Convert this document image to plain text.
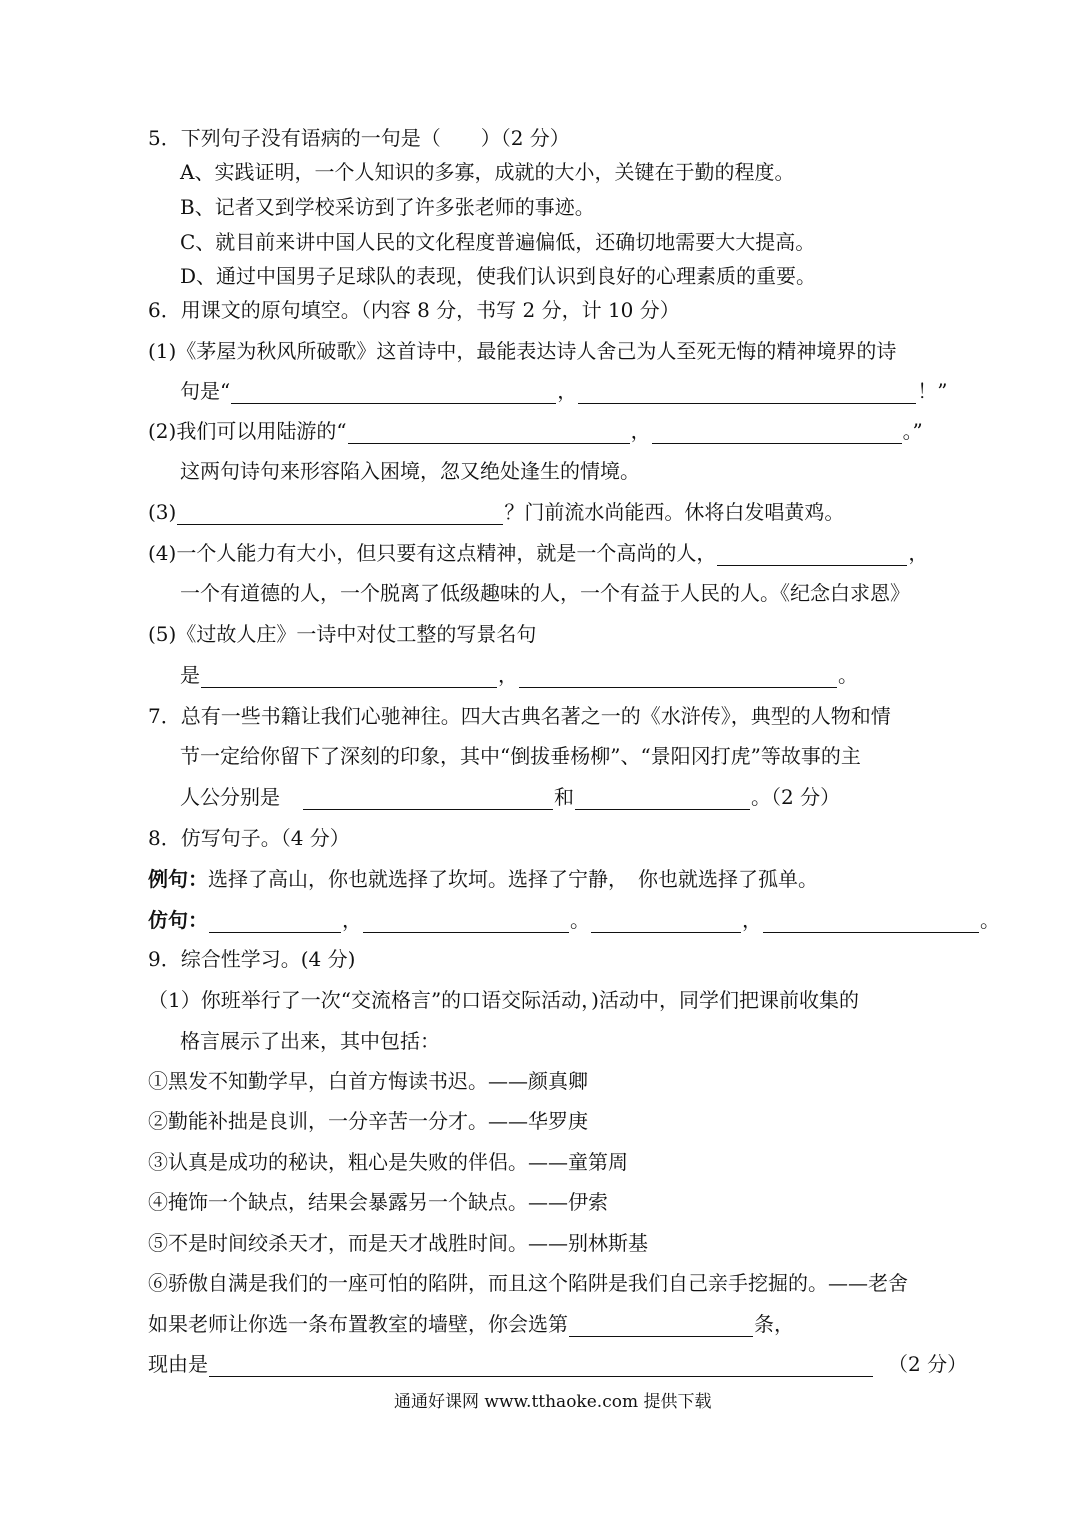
5．下列句子没有语病的一句是（　　）（2 分）
A、实践证明，一个人知识的多寡，成就的大小，关键在于勤的程度。
B、记者又到学校采访到了许多张老师的事迹。
C、就目前来讲中国人民的文化程度普遍偏低，还确切地需要大大提高。
D、通过中国男子足球队的表现，使我们认识到良好的心理素质的重要。
6．用课文的原句填空。（内容 8 分，书写 2 分，计 10 分）
(1)《茅屋为秋风所破歌》这首诗中，最能表达诗人舍己为人至死无悔的精神境界的诗
句是“	，	！”
(2)我们可以用陆游的“	，	。”
这两句诗句来形容陷入困境，忽又绝处逢生的情境。
(3)	？门前流水尚能西。休将白发唱黄鸡。
(4)一个人能力有大小，但只要有这点精神，就是一个高尚的人，	，
一个有道德的人，一个脱离了低级趣味的人，一个有益于人民的人。《纪念白求恩》
(5)《过故人庄》一诗中对仗工整的写景名句
是	，	。
7．总有一些书籍让我们心驰神往。四大古典名著之一的《水浒传》，典型的人物和情
节一定给你留下了深刻的印象，其中“倒拔垂杨柳”、“景阳冈打虎”等故事的主
人公分别是	和	。（2 分）
8．仿写句子。（4 分）
例句：选择了高山，你也就选择了坎坷。选择了宁静，　你也就选择了孤单。
仿句：	，	。	，	。
9．综合性学习。(4 分)
（1）你班举行了一次“交流格言”的口语交际活动，)活动中，同学们把课前收集的
格言展示了出来，其中包括：
①黑发不知勤学早，白首方悔读书迟。——颜真卿
②勤能补拙是良训，一分辛苦一分才。——华罗庚
③认真是成功的秘诀，粗心是失败的伴侣。——童第周
④掩饰一个缺点，结果会暴露另一个缺点。——伊索
⑤不是时间绞杀天才，而是天才战胜时间。——别林斯基
⑥骄傲自满是我们的一座可怕的陷阱，而且这个陷阱是我们自己亲手挖掘的。——老舍
如果老师让你选一条布置教室的墙壁，你会选第	条，
现由是	（2 分）
通通好课网 www.tthaoke.com 提供下载
